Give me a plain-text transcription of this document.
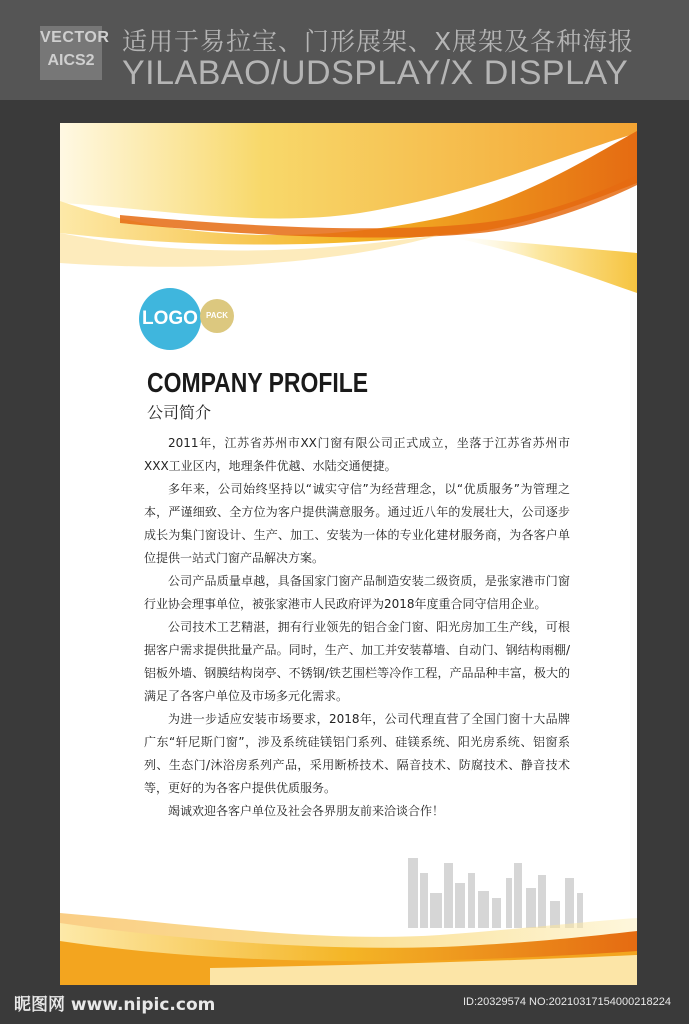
VECTOR
AICS2
适用于易拉宝、门形展架、X展架及各种海报
YILABAO/UDSPLAY/X DISPLAY
LOGO PACK
COMPANY PROFILE
公司简介

2011年，江苏省苏州市XX门窗有限公司正式成立，坐落于江苏省苏州市XXX工业区内，地理条件优越、水陆交通便捷。

多年来，公司始终坚持以“诚实守信”为经营理念，以“优质服务”为管理之本，严谨细致、全方位为客户提供满意服务。通过近八年的发展壮大，公司逐步成长为集门窗设计、生产、加工、安装为一体的专业化建材服务商，为各客户单位提供一站式门窗产品解决方案。

公司产品质量卓越，具备国家门窗产品制造安装二级资质，是张家港市门窗行业协会理事单位，被张家港市人民政府评为2018年度重合同守信用企业。

公司技术工艺精湛，拥有行业领先的铝合金门窗、阳光房加工生产线，可根据客户需求提供批量产品。同时，生产、加工并安装幕墙、自动门、钢结构雨棚/铝板外墙、钢膜结构岗亭、不锈钢/铁艺围栏等冷作工程，产品品种丰富，极大的满足了各客户单位及市场多元化需求。

为进一步适应安装市场要求，2018年，公司代理直营了全国门窗十大品牌广东“轩尼斯门窗”，涉及系统硅镁铝门系列、硅镁系统、阳光房系统、铝窗系列、生态门/沐浴房系列产品，采用断桥技术、隔音技术、防腐技术、静音技术等，更好的为各客户提供优质服务。

竭诚欢迎各客户单位及社会各界朋友前来洽谈合作！

昵图网 www.nipic.com	ID:20329574 NO:20210317154000218224
